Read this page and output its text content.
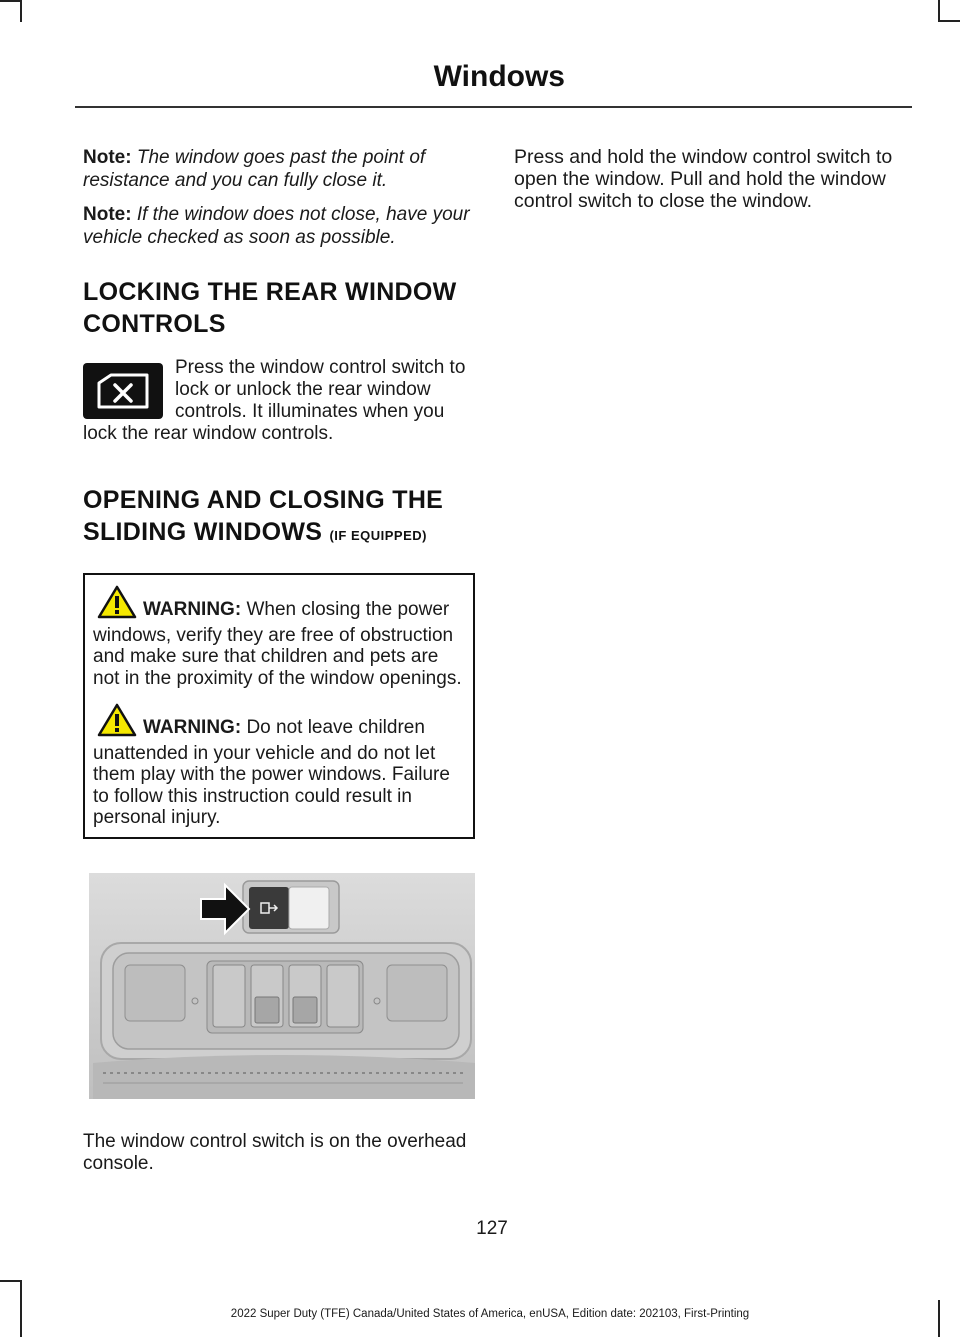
Windows

Note: The window goes past the point of resistance and you can fully close it.

Note: If the window does not close, have your vehicle checked as soon as possible.

LOCKING THE REAR WINDOW
CONTROLS

Press the window control switch to lock or unlock the rear window controls. It illuminates when you lock the rear window controls.

OPENING AND CLOSING THE
SLIDING WINDOWS (IF EQUIPPED)

WARNING: When closing the power windows, verify they are free of obstruction and make sure that children and pets are not in the proximity of the window openings.

WARNING: Do not leave children unattended in your vehicle and do not let them play with the power windows. Failure to follow this instruction could result in personal injury.

The window control switch is on the overhead console.

Press and hold the window control switch to open the window. Pull and hold the window control switch to close the window.

127
2022 Super Duty (TFE) Canada/United States of America, enUSA, Edition date: 202103, First-Printing
